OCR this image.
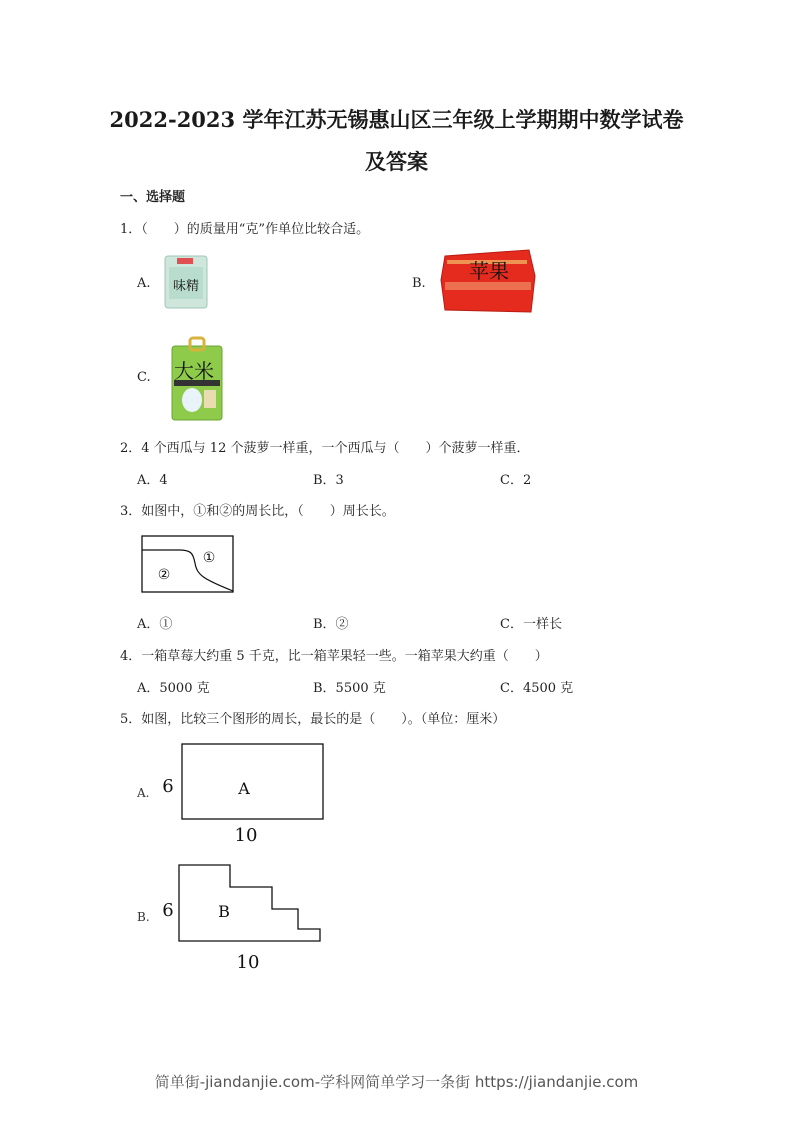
2022-2023 学年江苏无锡惠山区三年级上学期期中数学试卷
及答案
一、选择题
1．（　　）的质量用“克”作单位比较合适。
A. 味精	B.
苹果
C. 大米
2．4 个西瓜与 12 个菠萝一样重，一个西瓜与（　　）个菠萝一样重．
A．4	B．3	C．2
3．如图中，①和②的周长比，（　　）周长长。
①
②
A．①	B．②	C．一样长
4．一箱草莓大约重 5 千克，比一箱苹果轻一些。一箱苹果大约重（　　）
A．5000 克	B．5500 克	C．4500 克
5．如图，比较三个图形的周长，最长的是（　　）。（单位：厘米）
A. 6	A
10
B. 6	B
10
简单街-jiandanjie.com-学科网简单学习一条街 https://jiandanjie.com
